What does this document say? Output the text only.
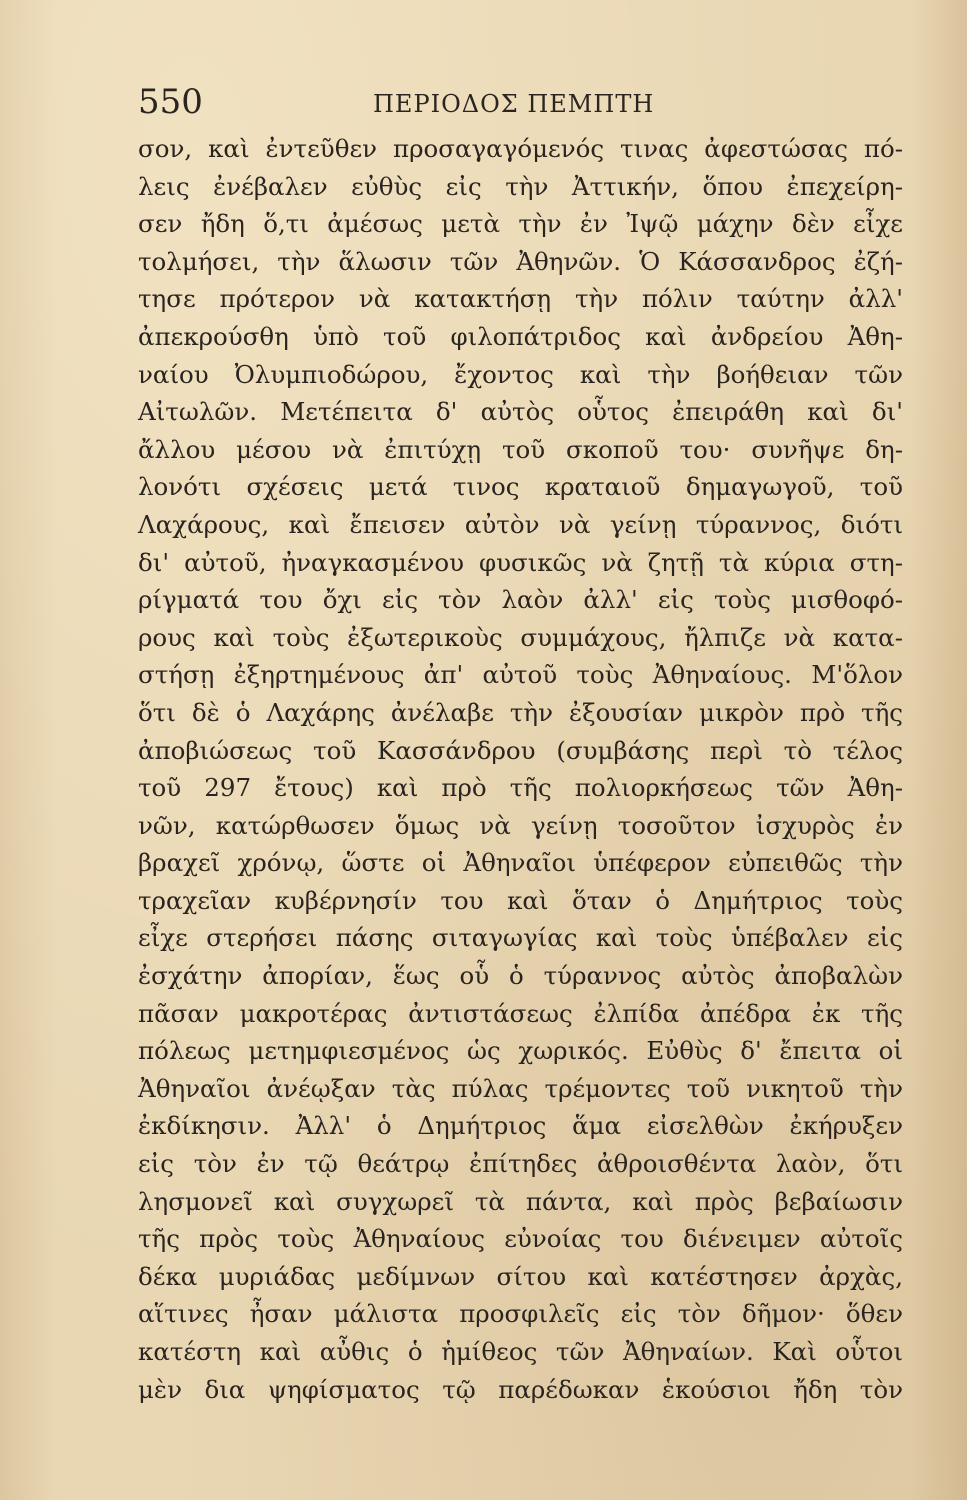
550	ΠΕΡΙΟΔΟΣ ΠΕΜΠΤΗ
σον, καὶ ἐντεῦθεν προσαγαγόμενός τινας ἀφεστώσας πό-
λεις ἐνέβαλεν εὐθὺς εἰς τὴν Ἀττικήν, ὅπου ἐπεχείρη-
σεν ἤδη ὅ,τι ἀμέσως μετὰ τὴν ἐν Ἰψῷ μάχην δὲν εἶχε
τολμήσει, τὴν ἅλωσιν τῶν Ἀθηνῶν. Ὁ Κάσσανδρος ἐζή-
τησε πρότερον νὰ κατακτήσῃ τὴν πόλιν ταύτην ἀλλ'
ἀπεκρούσθη ὑπὸ τοῦ φιλοπάτριδος καὶ ἀνδρείου Ἀθη-
ναίου Ὀλυμπιοδώρου, ἔχοντος καὶ τὴν βοήθειαν τῶν
Αἰτωλῶν. Μετέπειτα δ' αὐτὸς οὗτος ἐπειράθη καὶ δι'
ἄλλου μέσου νὰ ἐπιτύχῃ τοῦ σκοποῦ του· συνῆψε δη-
λονότι σχέσεις μετά τινος κραταιοῦ δημαγωγοῦ, τοῦ
Λαχάρους, καὶ ἔπεισεν αὐτὸν νὰ γείνῃ τύραννος, διότι
δι' αὐτοῦ, ἠναγκασμένου φυσικῶς νὰ ζητῇ τὰ κύρια στη-
ρίγματά του ὄχι εἰς τὸν λαὸν ἀλλ' εἰς τοὺς μισθοφό-
ρους καὶ τοὺς ἐξωτερικοὺς συμμάχους, ἤλπιζε νὰ κατα-
στήσῃ ἐξηρτημένους ἀπ' αὐτοῦ τοὺς Ἀθηναίους. Μ'ὅλον
ὅτι δὲ ὁ Λαχάρης ἀνέλαβε τὴν ἐξουσίαν μικρὸν πρὸ τῆς
ἀποβιώσεως τοῦ Κασσάνδρου (συμβάσης περὶ τὸ τέλος
τοῦ 297 ἔτους) καὶ πρὸ τῆς πολιορκήσεως τῶν Ἀθη-
νῶν, κατώρθωσεν ὅμως νὰ γείνῃ τοσοῦτον ἰσχυρὸς ἐν
βραχεῖ χρόνῳ, ὥστε οἱ Ἀθηναῖοι ὑπέφερον εὐπειθῶς τὴν
τραχεῖαν κυβέρνησίν του καὶ ὅταν ὁ Δημήτριος τοὺς
εἶχε στερήσει πάσης σιταγωγίας καὶ τοὺς ὑπέβαλεν εἰς
ἐσχάτην ἀπορίαν, ἕως οὗ ὁ τύραννος αὐτὸς ἀποβαλὼν
πᾶσαν μακροτέρας ἀντιστάσεως ἐλπίδα ἀπέδρα ἐκ τῆς
πόλεως μετημφιεσμένος ὡς χωρικός. Εὐθὺς δ' ἔπειτα οἱ
Ἀθηναῖοι ἀνέῳξαν τὰς πύλας τρέμοντες τοῦ νικητοῦ τὴν
ἐκδίκησιν. Ἀλλ' ὁ Δημήτριος ἅμα εἰσελθὼν ἐκήρυξεν
εἰς τὸν ἐν τῷ θεάτρῳ ἐπίτηδες ἀθροισθέντα λαὸν, ὅτι
λησμονεῖ καὶ συγχωρεῖ τὰ πάντα, καὶ πρὸς βεβαίωσιν
τῆς πρὸς τοὺς Ἀθηναίους εὐνοίας του διένειμεν αὐτοῖς
δέκα μυριάδας μεδίμνων σίτου καὶ κατέστησεν ἀρχὰς,
αἵτινες ἦσαν μάλιστα προσφιλεῖς εἰς τὸν δῆμον· ὅθεν
κατέστη καὶ αὖθις ὁ ἡμίθεος τῶν Ἀθηναίων. Καὶ οὗτοι
μὲν δια ψηφίσματος τῷ παρέδωκαν ἑκούσιοι ἤδη τὸν
